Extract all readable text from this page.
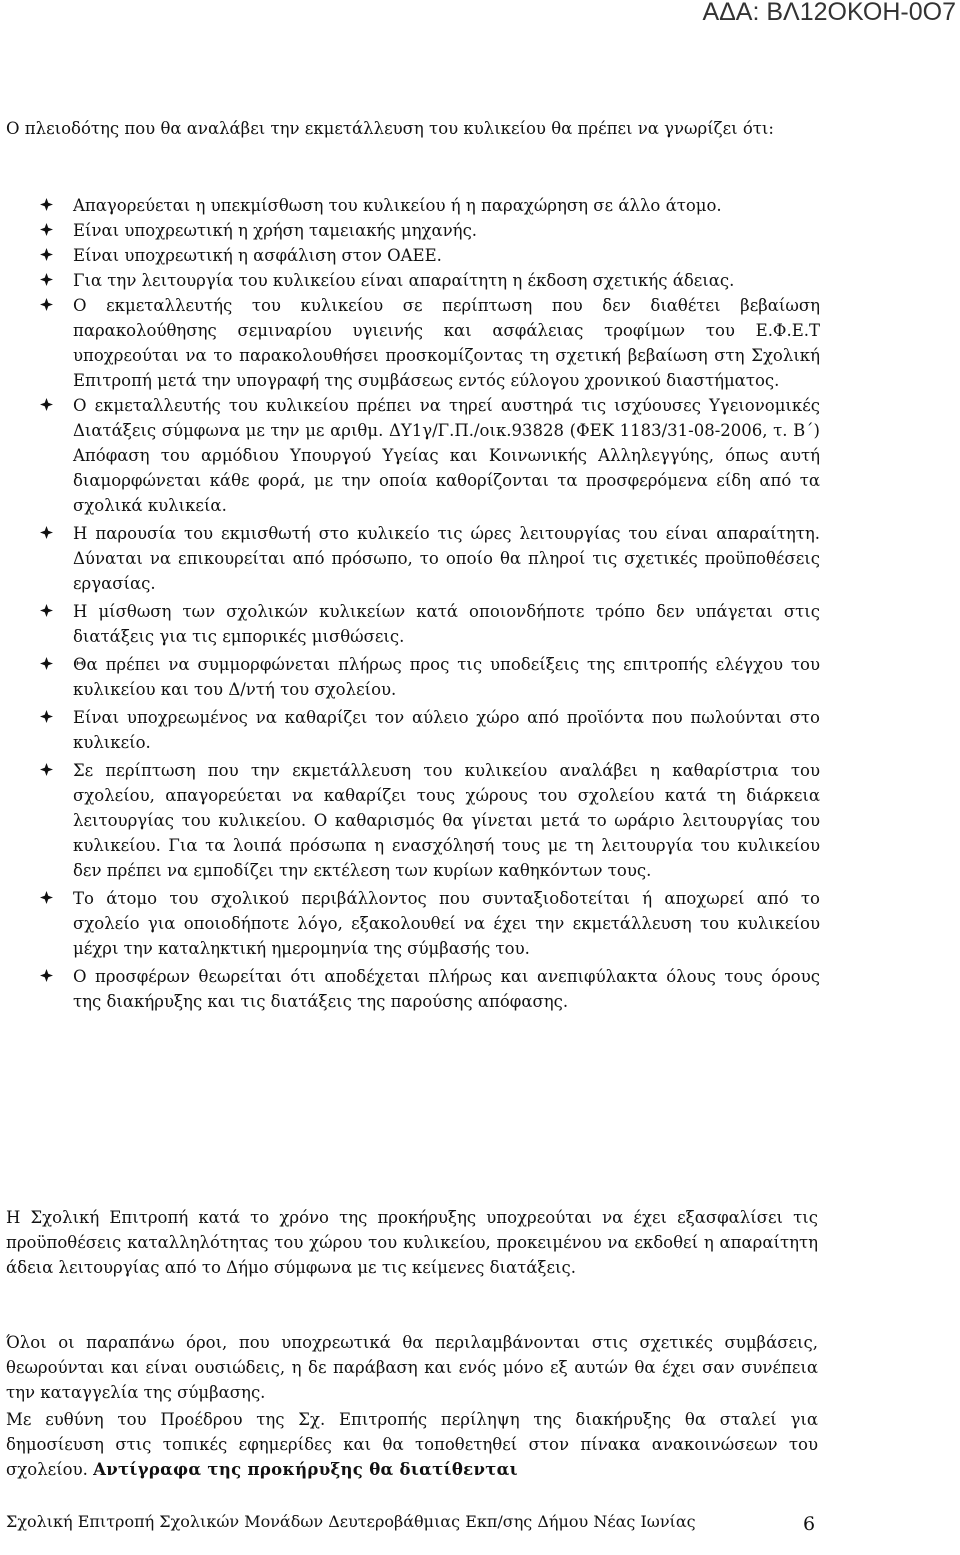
ΑΔΑ: ΒΛ12ΟΚΟΗ-0Ο7

Ο πλειοδότης που θα αναλάβει την εκμετάλλευση του κυλικείου θα πρέπει να γνωρίζει ότι:

Απαγορεύεται η υπεκμίσθωση του κυλικείου ή η παραχώρηση σε άλλο άτομο.
Είναι υποχρεωτική η χρήση ταμειακής μηχανής.
Είναι υποχρεωτική η ασφάλιση στον ΟΑΕΕ.
Για την λειτουργία του κυλικείου είναι απαραίτητη η έκδοση σχετικής άδειας.
Ο εκμεταλλευτής του κυλικείου σε περίπτωση που δεν διαθέτει βεβαίωση παρακολούθησης σεμιναρίου υγιεινής και ασφάλειας τροφίμων του Ε.Φ.Ε.Τ υποχρεούται να το παρακολουθήσει προσκομίζοντας τη σχετική βεβαίωση στη Σχολική Επιτροπή μετά την υπογραφή της συμβάσεως εντός εύλογου χρονικού διαστήματος.
Ο εκμεταλλευτής του κυλικείου πρέπει να τηρεί αυστηρά τις ισχύουσες Υγειονομικές Διατάξεις σύμφωνα με την με αριθμ. ΔΥ1γ/Γ.Π./οικ.93828 (ΦΕΚ 1183/31-08-2006, τ. Β΄) Απόφαση του αρμόδιου Υπουργού Υγείας και Κοινωνικής Αλληλεγγύης, όπως αυτή διαμορφώνεται κάθε φορά, με την οποία καθορίζονται τα προσφερόμενα είδη από τα σχολικά κυλικεία.
Η παρουσία του εκμισθωτή στο κυλικείο τις ώρες λειτουργίας του είναι απαραίτητη. Δύναται να επικουρείται από πρόσωπο, το οποίο θα πληροί τις σχετικές προϋποθέσεις εργασίας.
Η μίσθωση των σχολικών κυλικείων κατά οποιονδήποτε τρόπο δεν υπάγεται στις διατάξεις για τις εμπορικές μισθώσεις.
Θα πρέπει να συμμορφώνεται πλήρως προς τις υποδείξεις της επιτροπής ελέγχου του κυλικείου και του Δ/ντή του σχολείου.
Είναι υποχρεωμένος να καθαρίζει τον αύλειο χώρο από προϊόντα που πωλούνται στο κυλικείο.
Σε περίπτωση που την εκμετάλλευση του κυλικείου αναλάβει η καθαρίστρια του σχολείου, απαγορεύεται να καθαρίζει τους χώρους του σχολείου κατά τη διάρκεια λειτουργίας του κυλικείου. Ο καθαρισμός θα γίνεται μετά το ωράριο λειτουργίας του κυλικείου. Για τα λοιπά πρόσωπα η ενασχόλησή τους με τη λειτουργία του κυλικείου δεν πρέπει να εμποδίζει την εκτέλεση των κυρίων καθηκόντων τους.
Το άτομο του σχολικού περιβάλλοντος που συνταξιοδοτείται ή αποχωρεί από το σχολείο για οποιοδήποτε λόγο, εξακολουθεί να έχει την εκμετάλλευση του κυλικείου μέχρι την καταληκτική ημερομηνία της σύμβασής του.
Ο προσφέρων θεωρείται ότι αποδέχεται πλήρως και ανεπιφύλακτα όλους τους όρους της διακήρυξης και τις διατάξεις της παρούσης απόφασης.

Η Σχολική Επιτροπή κατά το χρόνο της προκήρυξης υποχρεούται να έχει εξασφαλίσει τις προϋποθέσεις καταλληλότητας του χώρου του κυλικείου, προκειμένου να εκδοθεί η απαραίτητη άδεια λειτουργίας από το Δήμο σύμφωνα με τις κείμενες διατάξεις.

Όλοι οι παραπάνω όροι, που υποχρεωτικά θα περιλαμβάνονται στις σχετικές συμβάσεις, θεωρούνται και είναι ουσιώδεις, η δε παράβαση και ενός μόνο εξ αυτών θα έχει σαν συνέπεια την καταγγελία της σύμβασης.

Με ευθύνη του Προέδρου της Σχ. Επιτροπής περίληψη της διακήρυξης θα σταλεί για δημοσίευση στις τοπικές εφημερίδες και θα τοποθετηθεί στον πίνακα ανακοινώσεων του σχολείου. Αντίγραφα της προκήρυξης θα διατίθενται

Σχολική Επιτροπή Σχολικών Μονάδων Δευτεροβάθμιας Εκπ/σης Δήμου Νέας Ιωνίας	6
